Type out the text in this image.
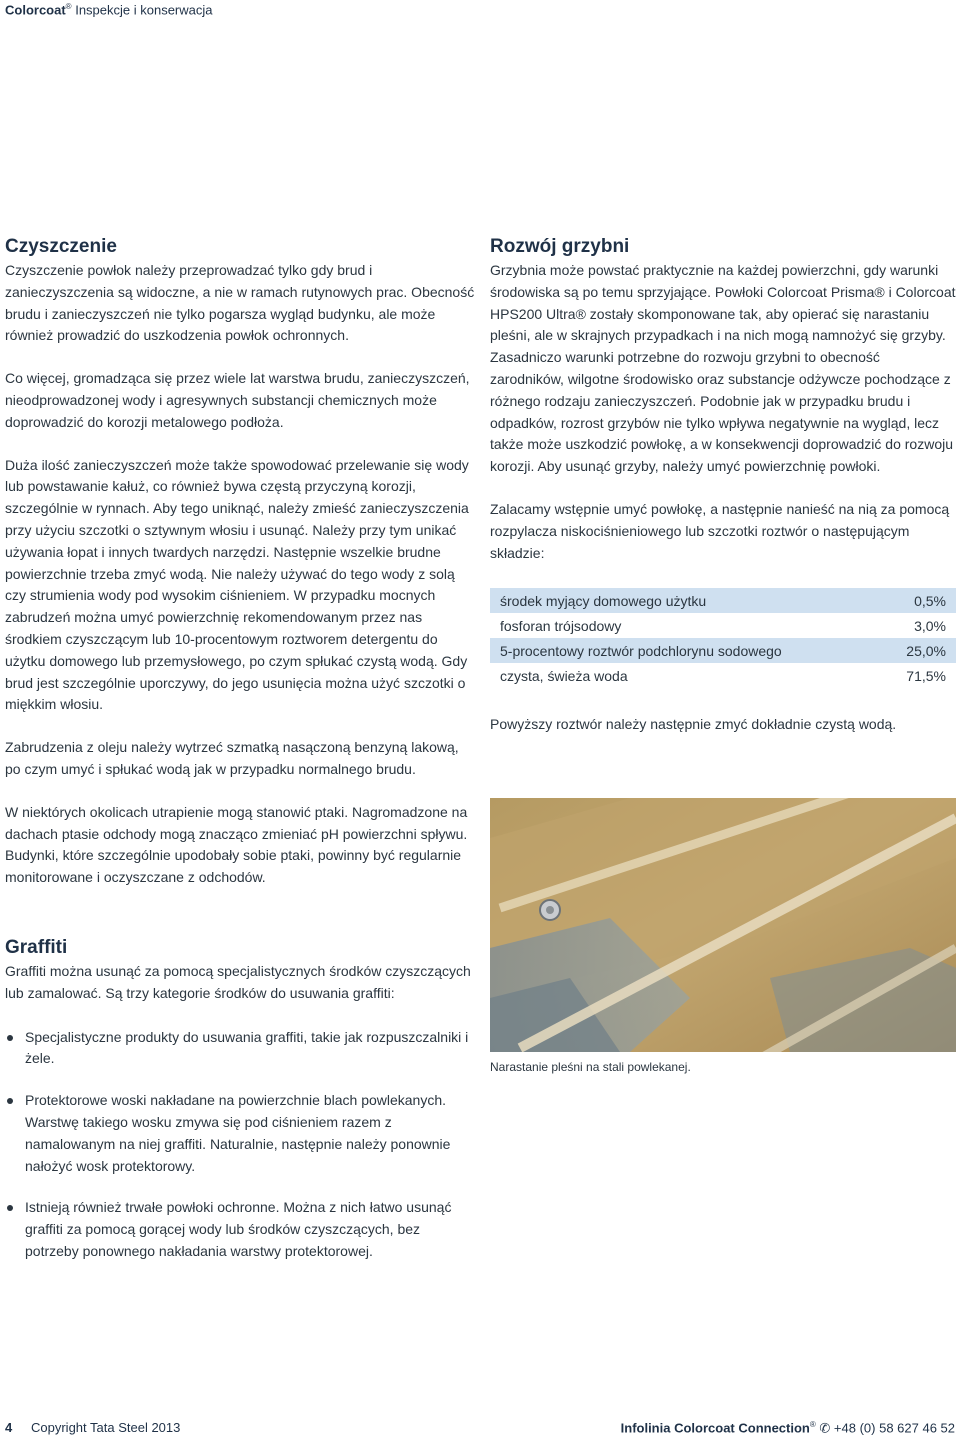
Colorcoat® Inspekcje i konserwacja
Czyszczenie

Czyszczenie powłok należy przeprowadzać tylko gdy brud i zanieczyszczenia są widoczne, a nie w ramach rutynowych prac. Obecność brudu i zanieczyszczeń nie tylko pogarsza wygląd budynku, ale może również prowadzić do uszkodzenia powłok ochronnych.

Co więcej, gromadząca się przez wiele lat warstwa brudu, zanieczyszczeń, nieodprowadzonej wody i agresywnych substancji chemicznych może doprowadzić do korozji metalowego podłoża.

Duża ilość zanieczyszczeń może także spowodować przelewanie się wody lub powstawanie kałuż, co również bywa częstą przyczyną korozji, szczególnie w rynnach. Aby tego uniknąć, należy zmieść zanieczyszczenia przy użyciu szczotki o sztywnym włosiu i usunąć. Należy przy tym unikać używania łopat i innych twardych narzędzi. Następnie wszelkie brudne powierzchnie trzeba zmyć wodą. Nie należy używać do tego wody z solą czy strumienia wody pod wysokim ciśnieniem. W przypadku mocnych zabrudzeń można umyć powierzchnię rekomendowanym przez nas środkiem czyszczącym lub 10-procentowym roztworem detergentu do użytku domowego lub przemysłowego, po czym spłukać czystą wodą. Gdy brud jest szczególnie uporczywy, do jego usunięcia można użyć szczotki o miękkim włosiu.

Zabrudzenia z oleju należy wytrzeć szmatką nasączoną benzyną lakową, po czym umyć i spłukać wodą jak w przypadku normalnego brudu.

W niektórych okolicach utrapienie mogą stanowić ptaki. Nagromadzone na dachach ptasie odchody mogą znacząco zmieniać pH powierzchni spływu. Budynki, które szczególnie upodobały sobie ptaki, powinny być regularnie monitorowane i oczyszczane z odchodów.

Graffiti

Graffiti można usunąć za pomocą specjalistycznych środków czyszczących lub zamalować. Są trzy kategorie środków do usuwania graffiti:

Specjalistyczne produkty do usuwania graffiti, takie jak rozpuszczalniki i żele.
Protektorowe woski nakładane na powierzchnie blach powlekanych. Warstwę takiego wosku zmywa się pod ciśnieniem razem z namalowanym na niej graffiti. Naturalnie, następnie należy ponownie nałożyć wosk protektorowy.
Istnieją również trwałe powłoki ochronne. Można z nich łatwo usunąć graffiti za pomocą gorącej wody lub środków czyszczących, bez potrzeby ponownego nakładania warstwy protektorowej.
Rozwój grzybni

Grzybnia może powstać praktycznie na każdej powierzchni, gdy warunki środowiska są po temu sprzyjające. Powłoki Colorcoat Prisma® i Colorcoat HPS200 Ultra® zostały skomponowane tak, aby opierać się narastaniu pleśni, ale w skrajnych przypadkach i na nich mogą namnożyć się grzyby. Zasadniczo warunki potrzebne do rozwoju grzybni to obecność zarodników, wilgotne środowisko oraz substancje odżywcze pochodzące z różnego rodzaju zanieczyszczeń. Podobnie jak w przypadku brudu i odpadków, rozrost grzybów nie tylko wpływa negatywnie na wygląd, lecz także może uszkodzić powłokę, a w konsekwencji doprowadzić do rozwoju korozji. Aby usunąć grzyby, należy umyć powierzchnię powłoki.

Zalacamy wstępnie umyć powłokę, a następnie nanieść na nią za pomocą rozpylacza niskociśnieniowego lub szczotki roztwór o następującym składzie:

środek myjący domowego użytku	0,5%
fosforan trójsodowy	3,0%
5-procentowy roztwór podchlorynu sodowego	25,0%
czysta, świeża woda	71,5%

Powyższy roztwór należy następnie zmyć dokładnie czystą wodą.

Narastanie pleśni na stali powlekanej.
4 Copyright Tata Steel 2013	Infolinia Colorcoat Connection® ✆ +48 (0) 58 627 46 52
